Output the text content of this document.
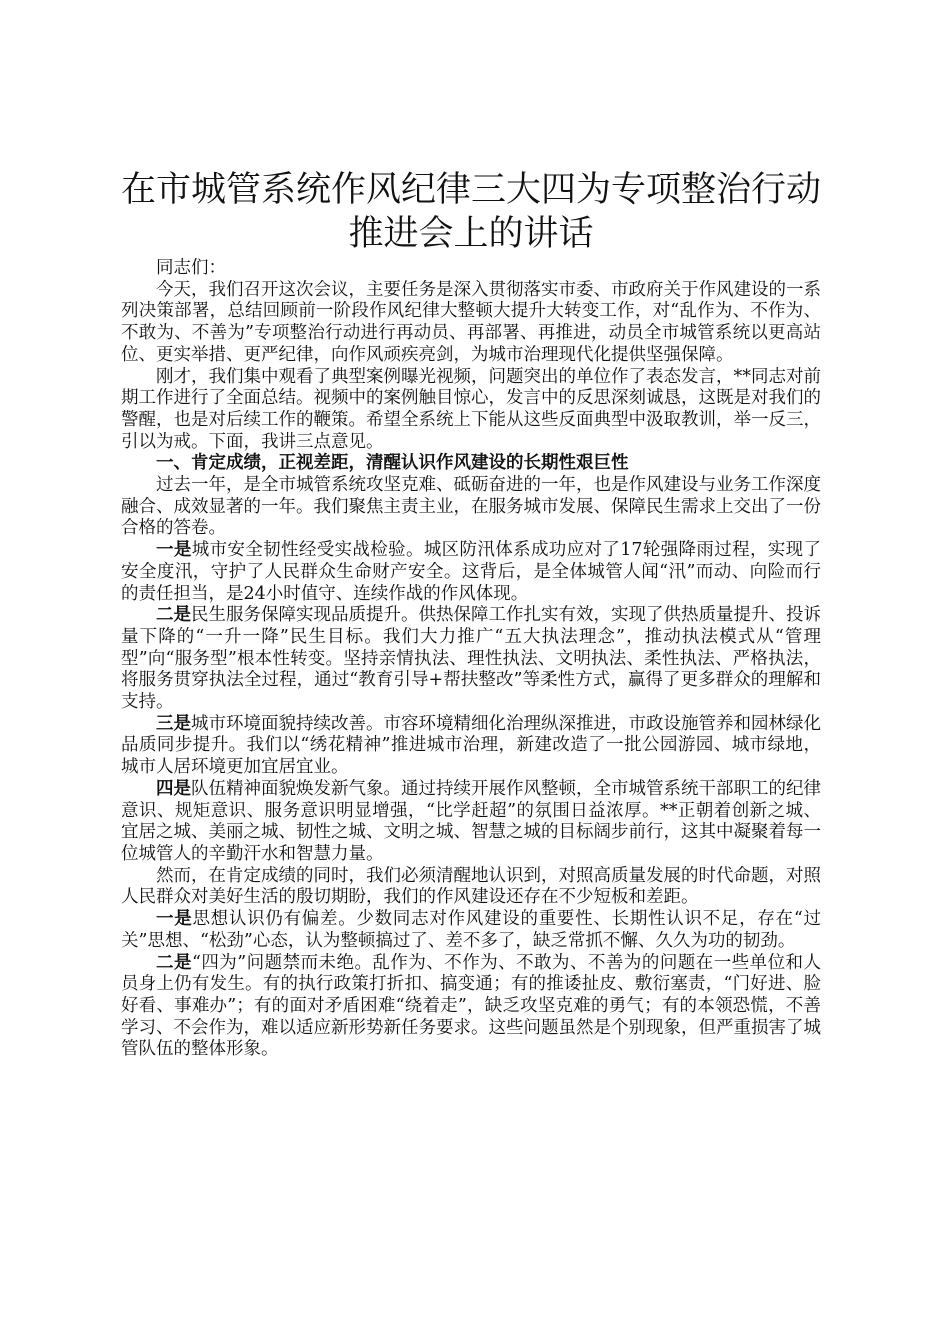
在市城管系统作风纪律三大四为专项整治行动
推进会上的讲话

同志们：

今天，我们召开这次会议，主要任务是深入贯彻落实市委、市政府关于作风建设的一系列决策部署，总结回顾前一阶段作风纪律大整顿大提升大转变工作，对“乱作为、不作为、不敢为、不善为”专项整治行动进行再动员、再部署、再推进，动员全市城管系统以更高站位、更实举措、更严纪律，向作风顽疾亮剑，为城市治理现代化提供坚强保障。

刚才，我们集中观看了典型案例曝光视频，问题突出的单位作了表态发言，**同志对前期工作进行了全面总结。视频中的案例触目惊心，发言中的反思深刻诚恳，这既是对我们的警醒，也是对后续工作的鞭策。希望全系统上下能从这些反面典型中汲取教训，举一反三，引以为戒。下面，我讲三点意见。

一、肯定成绩，正视差距，清醒认识作风建设的长期性艰巨性

过去一年，是全市城管系统攻坚克难、砥砺奋进的一年，也是作风建设与业务工作深度融合、成效显著的一年。我们聚焦主责主业，在服务城市发展、保障民生需求上交出了一份合格的答卷。

一是城市安全韧性经受实战检验。城区防汛体系成功应对了17轮强降雨过程，实现了安全度汛，守护了人民群众生命财产安全。这背后，是全体城管人闻“汛”而动、向险而行的责任担当，是24小时值守、连续作战的作风体现。

二是民生服务保障实现品质提升。供热保障工作扎实有效，实现了供热质量提升、投诉量下降的“一升一降”民生目标。我们大力推广“五大执法理念”，推动执法模式从“管理型”向“服务型”根本性转变。坚持亲情执法、理性执法、文明执法、柔性执法、严格执法，将服务贯穿执法全过程，通过“教育引导+帮扶整改”等柔性方式，赢得了更多群众的理解和支持。

三是城市环境面貌持续改善。市容环境精细化治理纵深推进，市政设施管养和园林绿化品质同步提升。我们以“绣花精神”推进城市治理，新建改造了一批公园游园、城市绿地，城市人居环境更加宜居宜业。

四是队伍精神面貌焕发新气象。通过持续开展作风整顿，全市城管系统干部职工的纪律意识、规矩意识、服务意识明显增强，“比学赶超”的氛围日益浓厚。**正朝着创新之城、宜居之城、美丽之城、韧性之城、文明之城、智慧之城的目标阔步前行，这其中凝聚着每一位城管人的辛勤汗水和智慧力量。

然而，在肯定成绩的同时，我们必须清醒地认识到，对照高质量发展的时代命题，对照人民群众对美好生活的殷切期盼，我们的作风建设还存在不少短板和差距。

一是思想认识仍有偏差。少数同志对作风建设的重要性、长期性认识不足，存在“过关”思想、“松劲”心态，认为整顿搞过了、差不多了，缺乏常抓不懈、久久为功的韧劲。

二是“四为”问题禁而未绝。乱作为、不作为、不敢为、不善为的问题在一些单位和人员身上仍有发生。有的执行政策打折扣、搞变通；有的推诿扯皮、敷衍塞责，“门好进、脸好看、事难办”；有的面对矛盾困难“绕着走”，缺乏攻坚克难的勇气；有的本领恐慌，不善学习、不会作为，难以适应新形势新任务要求。这些问题虽然是个别现象，但严重损害了城管队伍的整体形象。
